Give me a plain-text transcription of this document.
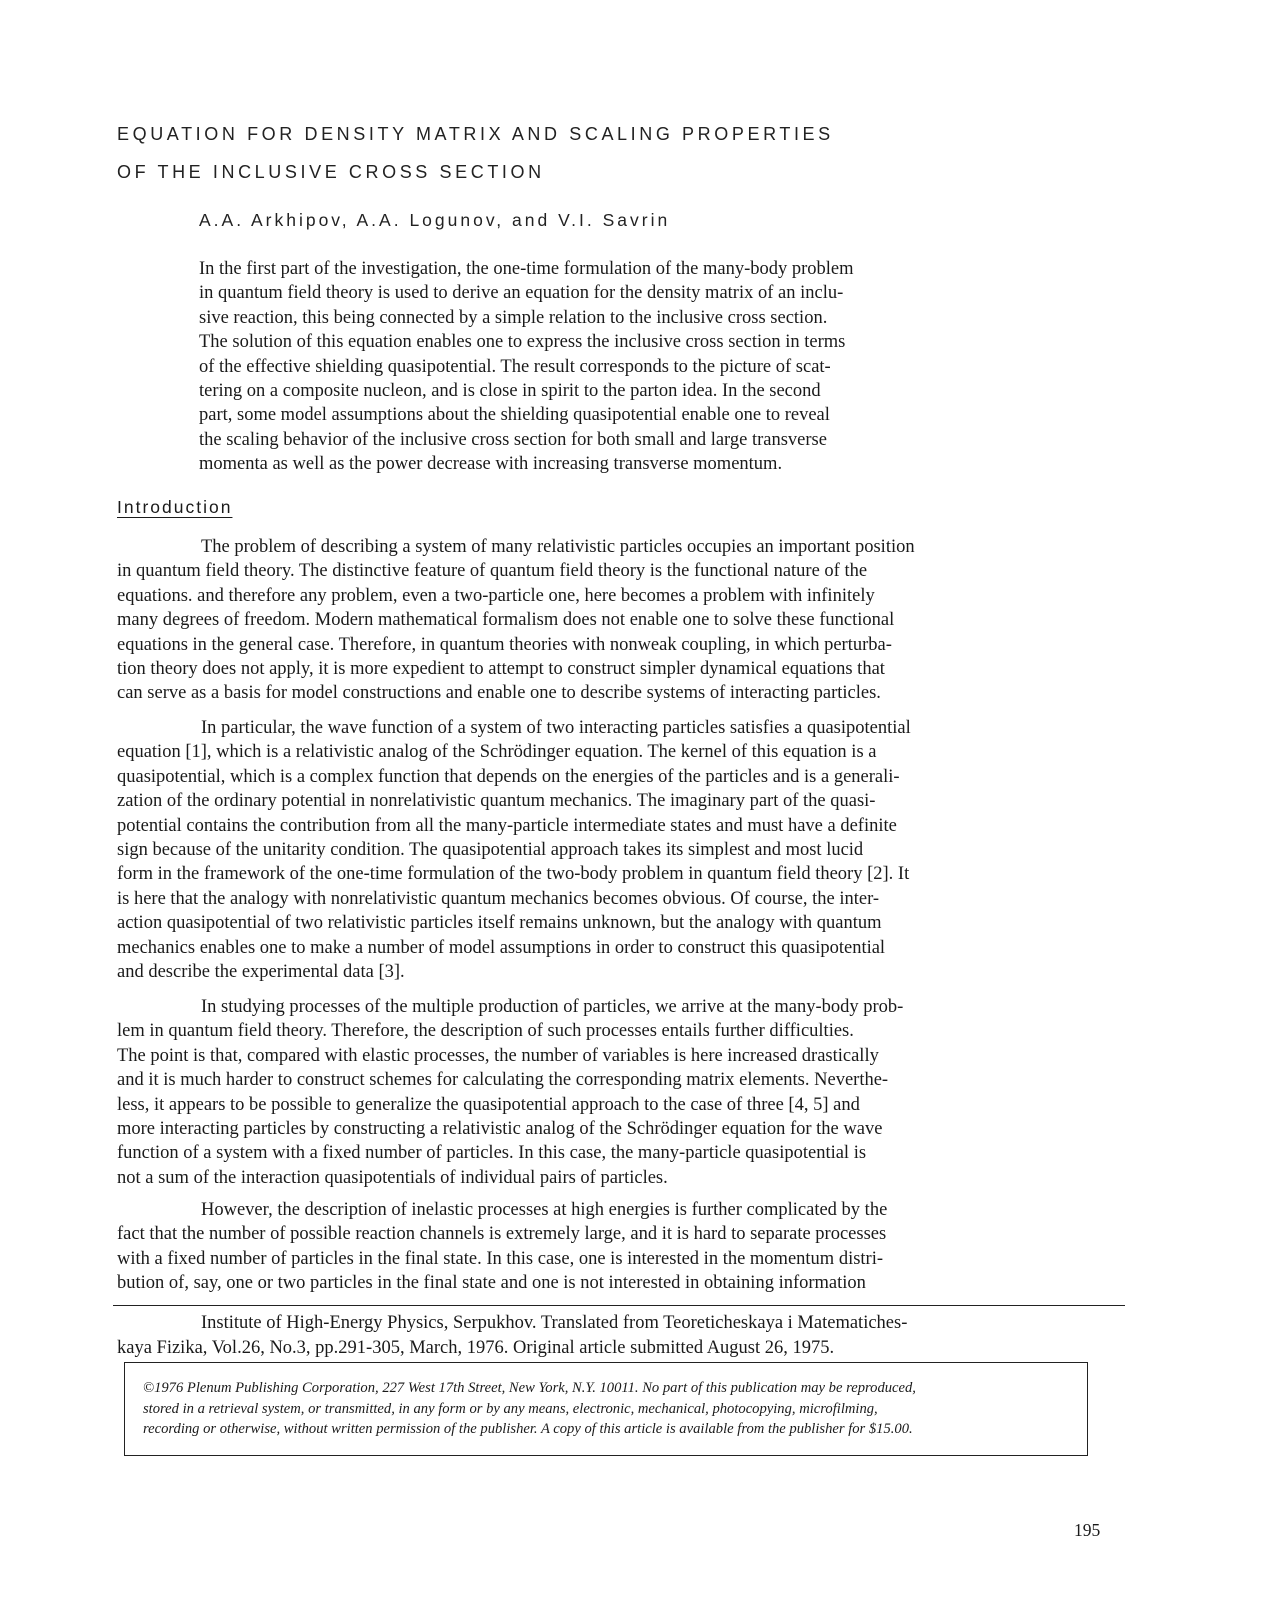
EQUATION FOR DENSITY MATRIX AND SCALING PROPERTIES
OF THE INCLUSIVE CROSS SECTION
A.A. Arkhipov, A.A. Logunov, and V.I. Savrin
In the first part of the investigation, the one-time formulation of the many-body problem
in quantum field theory is used to derive an equation for the density matrix of an inclu-
sive reaction, this being connected by a simple relation to the inclusive cross section.
The solution of this equation enables one to express the inclusive cross section in terms
of the effective shielding quasipotential. The result corresponds to the picture of scat-
tering on a composite nucleon, and is close in spirit to the parton idea. In the second
part, some model assumptions about the shielding quasipotential enable one to reveal
the scaling behavior of the inclusive cross section for both small and large transverse
momenta as well as the power decrease with increasing transverse momentum.
Introduction
The problem of describing a system of many relativistic particles occupies an important position
in quantum field theory. The distinctive feature of quantum field theory is the functional nature of the
equations. and therefore any problem, even a two-particle one, here becomes a problem with infinitely
many degrees of freedom. Modern mathematical formalism does not enable one to solve these functional
equations in the general case. Therefore, in quantum theories with nonweak coupling, in which perturba-
tion theory does not apply, it is more expedient to attempt to construct simpler dynamical equations that
can serve as a basis for model constructions and enable one to describe systems of interacting particles.
In particular, the wave function of a system of two interacting particles satisfies a quasipotential
equation [1], which is a relativistic analog of the Schrödinger equation. The kernel of this equation is a
quasipotential, which is a complex function that depends on the energies of the particles and is a generali-
zation of the ordinary potential in nonrelativistic quantum mechanics. The imaginary part of the quasi-
potential contains the contribution from all the many-particle intermediate states and must have a definite
sign because of the unitarity condition. The quasipotential approach takes its simplest and most lucid
form in the framework of the one-time formulation of the two-body problem in quantum field theory [2]. It
is here that the analogy with nonrelativistic quantum mechanics becomes obvious. Of course, the inter-
action quasipotential of two relativistic particles itself remains unknown, but the analogy with quantum
mechanics enables one to make a number of model assumptions in order to construct this quasipotential
and describe the experimental data [3].
In studying processes of the multiple production of particles, we arrive at the many-body prob-
lem in quantum field theory. Therefore, the description of such processes entails further difficulties.
The point is that, compared with elastic processes, the number of variables is here increased drastically
and it is much harder to construct schemes for calculating the corresponding matrix elements. Neverthe-
less, it appears to be possible to generalize the quasipotential approach to the case of three [4, 5] and
more interacting particles by constructing a relativistic analog of the Schrödinger equation for the wave
function of a system with a fixed number of particles. In this case, the many-particle quasipotential is
not a sum of the interaction quasipotentials of individual pairs of particles.
However, the description of inelastic processes at high energies is further complicated by the
fact that the number of possible reaction channels is extremely large, and it is hard to separate processes
with a fixed number of particles in the final state. In this case, one is interested in the momentum distri-
bution of, say, one or two particles in the final state and one is not interested in obtaining information
Institute of High-Energy Physics, Serpukhov. Translated from Teoreticheskaya i Matematiches-
kaya Fizika, Vol.26, No.3, pp.291-305, March, 1976. Original article submitted August 26, 1975.
©1976 Plenum Publishing Corporation, 227 West 17th Street, New York, N.Y. 10011. No part of this publication may be reproduced,
stored in a retrieval system, or transmitted, in any form or by any means, electronic, mechanical, photocopying, microfilming,
recording or otherwise, without written permission of the publisher. A copy of this article is available from the publisher for $15.00.
195
